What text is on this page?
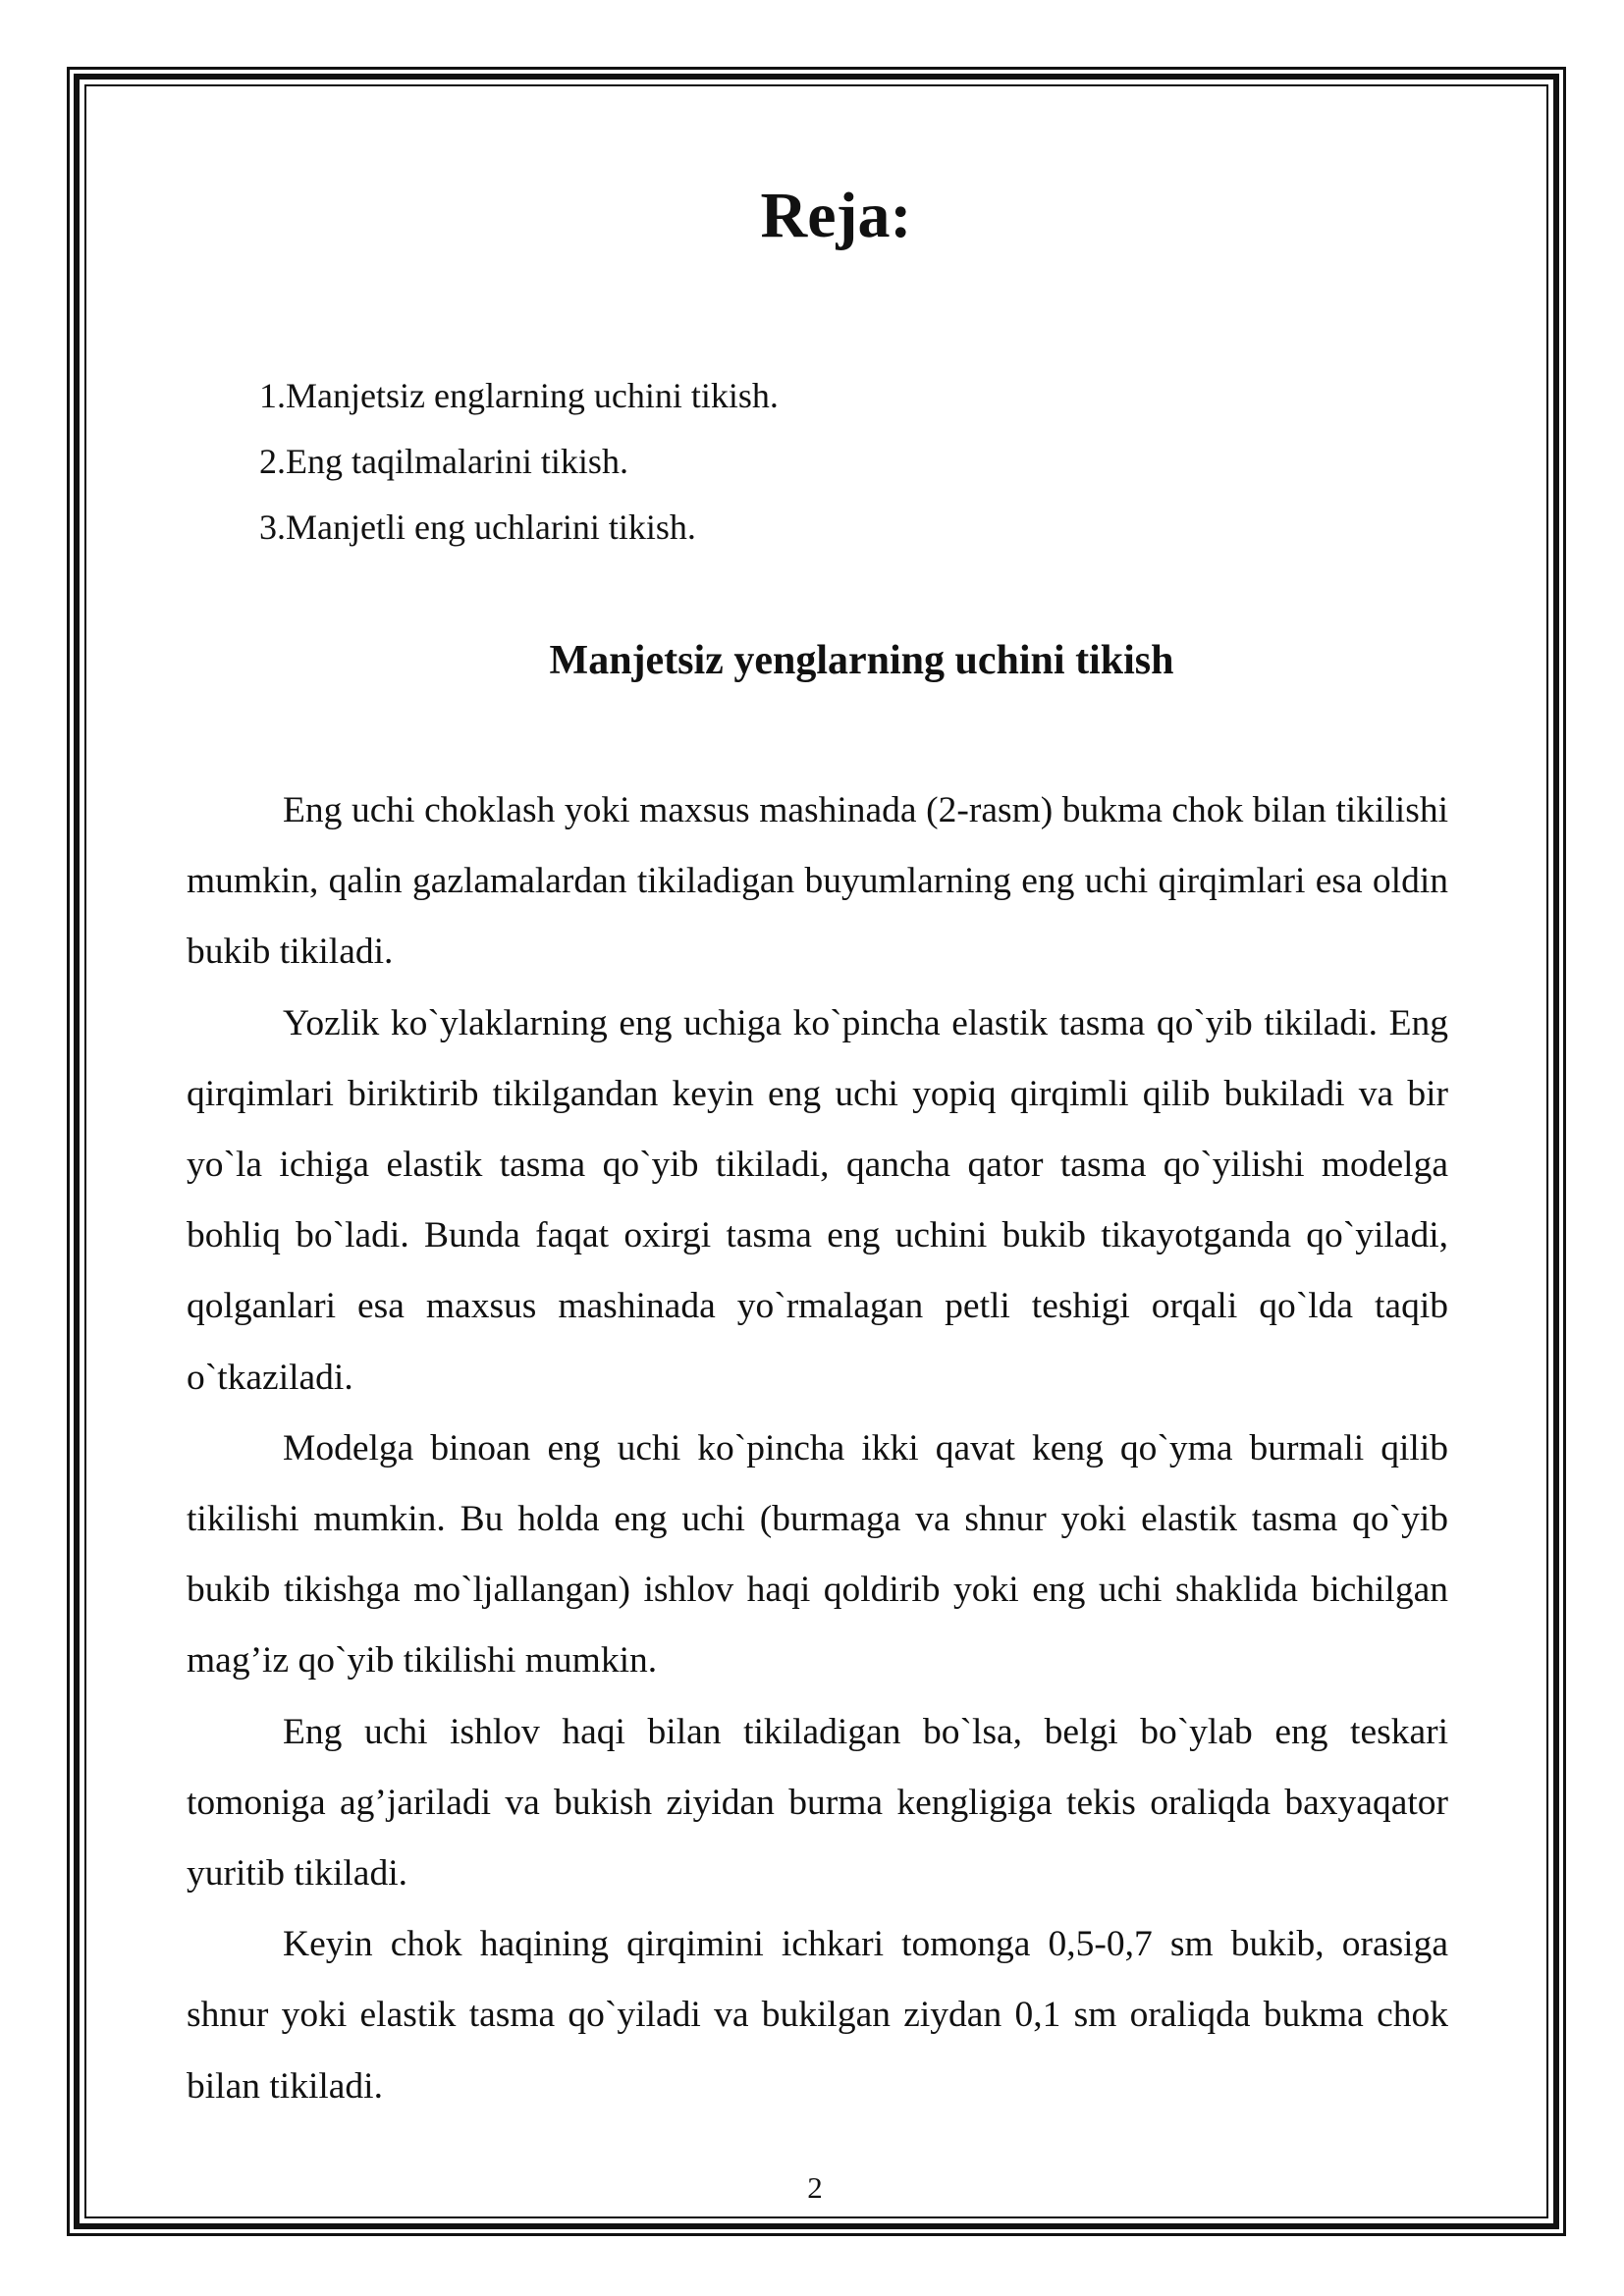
Reja:
1.Manjetsiz englarning uchini tikish.
2.Eng taqilmalarini tikish.
3.Manjetli eng uchlarini tikish.
Manjetsiz yenglarning uchini tikish

Eng uchi choklash yoki maxsus mashinada (2-rasm) bukma chok bilan tikilishi mumkin, qalin gazlamalardan tikiladigan buyumlarning eng uchi qirqimlari esa oldin bukib tikiladi.

Yozlik ko`ylaklarning eng uchiga ko`pincha elastik tasma qo`yib tikiladi. Eng qirqimlari biriktirib tikilgandan keyin eng uchi yopiq qirqimli qilib bukiladi va bir yo`la ichiga elastik tasma qo`yib tikiladi, qancha qator tasma qo`yilishi modelga bohliq bo`ladi. Bunda faqat oxirgi tasma eng uchini bukib tikayotganda qo`yiladi, qolganlari esa maxsus mashinada yo`rmalagan petli teshigi orqali qo`lda taqib o`tkaziladi.

Modelga binoan eng uchi ko`pincha ikki qavat keng qo`yma burmali qilib tikilishi mumkin. Bu holda eng uchi (burmaga va shnur yoki elastik tasma qo`yib bukib tikishga mo`ljallangan) ishlov haqi qoldirib yoki eng uchi shaklida bichilgan mag’iz qo`yib tikilishi mumkin.

Eng uchi ishlov haqi bilan tikiladigan bo`lsa, belgi bo`ylab eng teskari tomoniga ag’jariladi va bukish ziyidan burma kengligiga tekis oraliqda baxyaqator yuritib tikiladi.

Keyin chok haqining qirqimini ichkari tomonga 0,5-0,7 sm bukib, orasiga shnur yoki elastik tasma qo`yiladi va bukilgan ziydan 0,1 sm oraliqda bukma chok bilan tikiladi.

2
